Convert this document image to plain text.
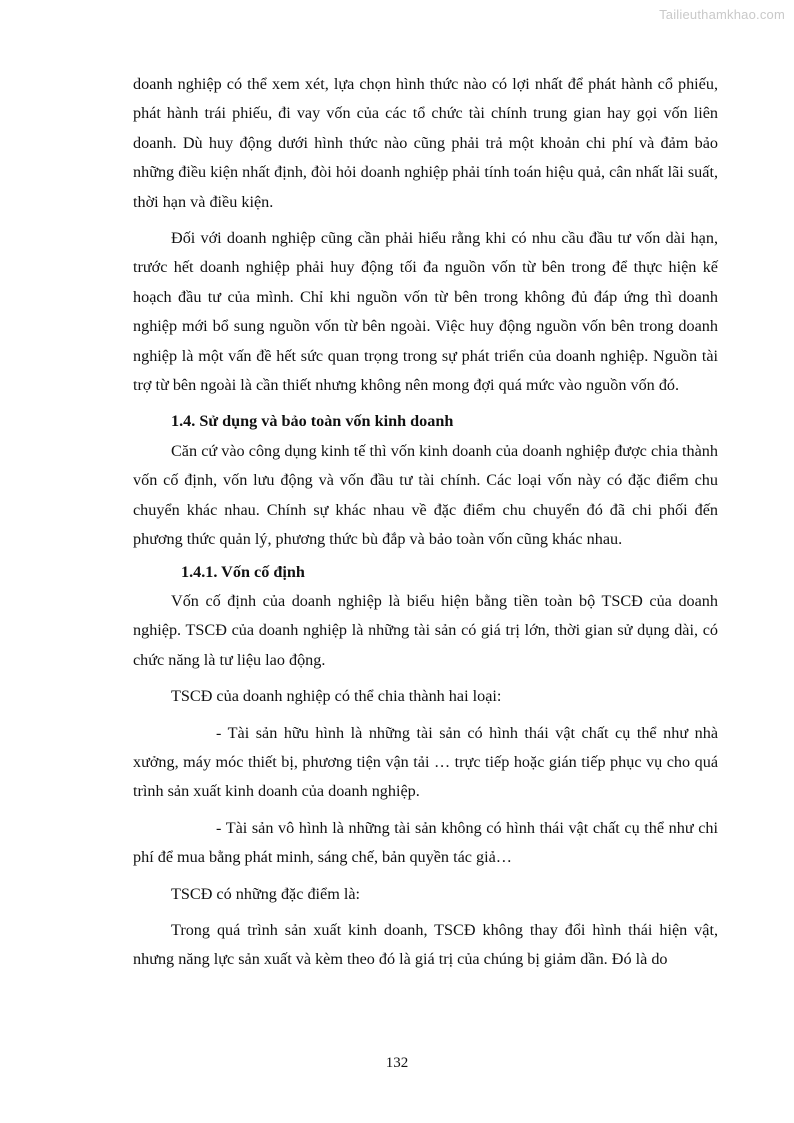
Tailieuthamkhao.com

doanh nghiệp có thể xem xét, lựa chọn hình thức nào có lợi nhất để phát hành cổ phiếu, phát hành trái phiếu, đi vay vốn của các tổ chức tài chính trung gian hay gọi vốn liên doanh. Dù huy động dưới hình thức nào cũng phải trả một khoản chi phí và đảm bảo những điều kiện nhất định, đòi hỏi doanh nghiệp phải tính toán hiệu quả, cân nhất lãi suất, thời hạn và điều kiện.

Đối với doanh nghiệp cũng cần phải hiểu rằng khi có nhu cầu đầu tư vốn dài hạn, trước hết doanh nghiệp phải huy động tối đa nguồn vốn từ bên trong để thực hiện kế hoạch đầu tư của mình. Chỉ khi nguồn vốn từ bên trong không đủ đáp ứng thì doanh nghiệp mới bổ sung nguồn vốn từ bên ngoài. Việc huy động nguồn vốn bên trong doanh nghiệp là một vấn đề hết sức quan trọng trong sự phát triển của doanh nghiệp. Nguồn tài trợ từ bên ngoài là cần thiết nhưng không nên mong đợi quá mức vào nguồn vốn đó.

1.4. Sử dụng và bảo toàn vốn kinh doanh

Căn cứ vào công dụng kinh tế thì vốn kinh doanh của doanh nghiệp được chia thành vốn cố định, vốn lưu động và vốn đầu tư tài chính. Các loại vốn này có đặc điểm chu chuyển khác nhau. Chính sự khác nhau về đặc điểm chu chuyển đó đã chi phối đến phương thức quản lý, phương thức bù đắp và bảo toàn vốn cũng khác nhau.

1.4.1. Vốn cố định

Vốn cố định của doanh nghiệp là biểu hiện bằng tiền toàn bộ TSCĐ của doanh nghiệp. TSCĐ của doanh nghiệp là những tài sản có giá trị lớn, thời gian sử dụng dài, có chức năng là tư liệu lao động.

TSCĐ của doanh nghiệp có thể chia thành hai loại:

- Tài sản hữu hình là những tài sản có hình thái vật chất cụ thể như nhà xưởng, máy móc thiết bị, phương tiện vận tải … trực tiếp hoặc gián tiếp phục vụ cho quá trình sản xuất kinh doanh của doanh nghiệp.

- Tài sản vô hình là những tài sản không có hình thái vật chất cụ thể như chi phí để mua bằng phát minh, sáng chế, bản quyền tác giả…

TSCĐ có những đặc điểm là:

Trong quá trình sản xuất kinh doanh, TSCĐ không thay đổi hình thái hiện vật, nhưng năng lực sản xuất và kèm theo đó là giá trị của chúng bị giảm dần. Đó là do

132
